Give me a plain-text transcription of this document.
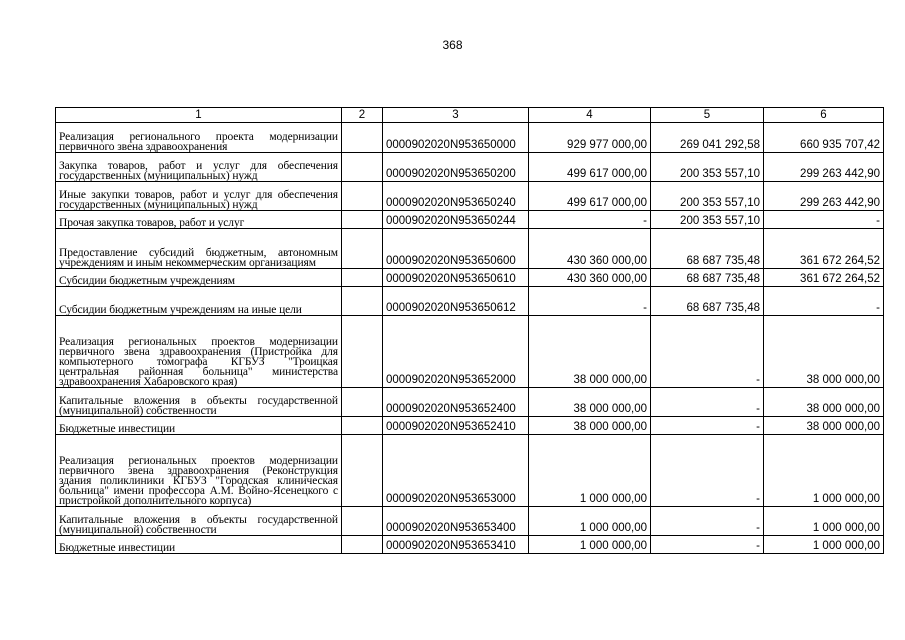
368
1	2	3	4	5	6
Реализация регионального проекта модернизации первичного звена здравоохранения		0000902020N953650000	929 977 000,00	269 041 292,58	660 935 707,42
Закупка товаров, работ и услуг для обеспечения государственных (муниципальных) нужд		0000902020N953650200	499 617 000,00	200 353 557,10	299 263 442,90
Иные закупки товаров, работ и услуг для обеспечения государственных (муниципальных) нужд		0000902020N953650240	499 617 000,00	200 353 557,10	299 263 442,90
Прочая закупка товаров, работ и услуг		0000902020N953650244	-	200 353 557,10	-
Предоставление субсидий бюджетным, автономным учреждениям и иным некоммерческим организациям		0000902020N953650600	430 360 000,00	68 687 735,48	361 672 264,52
Субсидии бюджетным учреждениям		0000902020N953650610	430 360 000,00	68 687 735,48	361 672 264,52
Субсидии бюджетным учреждениям на иные цели		0000902020N953650612	-	68 687 735,48	-
Реализация региональных проектов модернизации первичного звена здравоохранения (Пристройка для компьютерного томографа КГБУЗ "Троицкая центральная районная больница" министерства здравоохранения Хабаровского края)		0000902020N953652000	38 000 000,00	-	38 000 000,00
Капитальные вложения в объекты государственной (муниципальной) собственности		0000902020N953652400	38 000 000,00	-	38 000 000,00
Бюджетные инвестиции		0000902020N953652410	38 000 000,00	-	38 000 000,00
Реализация региональных проектов модернизации первичного звена здравоохранения (Реконструкция здания поликлиники КГБУЗ "Городская клиническая больница" имени профессора А.М. Войно-Ясенецкого с пристройкой дополнительного корпуса)		0000902020N953653000	1 000 000,00	-	1 000 000,00
Капитальные вложения в объекты государственной (муниципальной) собственности		0000902020N953653400	1 000 000,00	-	1 000 000,00
Бюджетные инвестиции		0000902020N953653410	1 000 000,00	-	1 000 000,00
